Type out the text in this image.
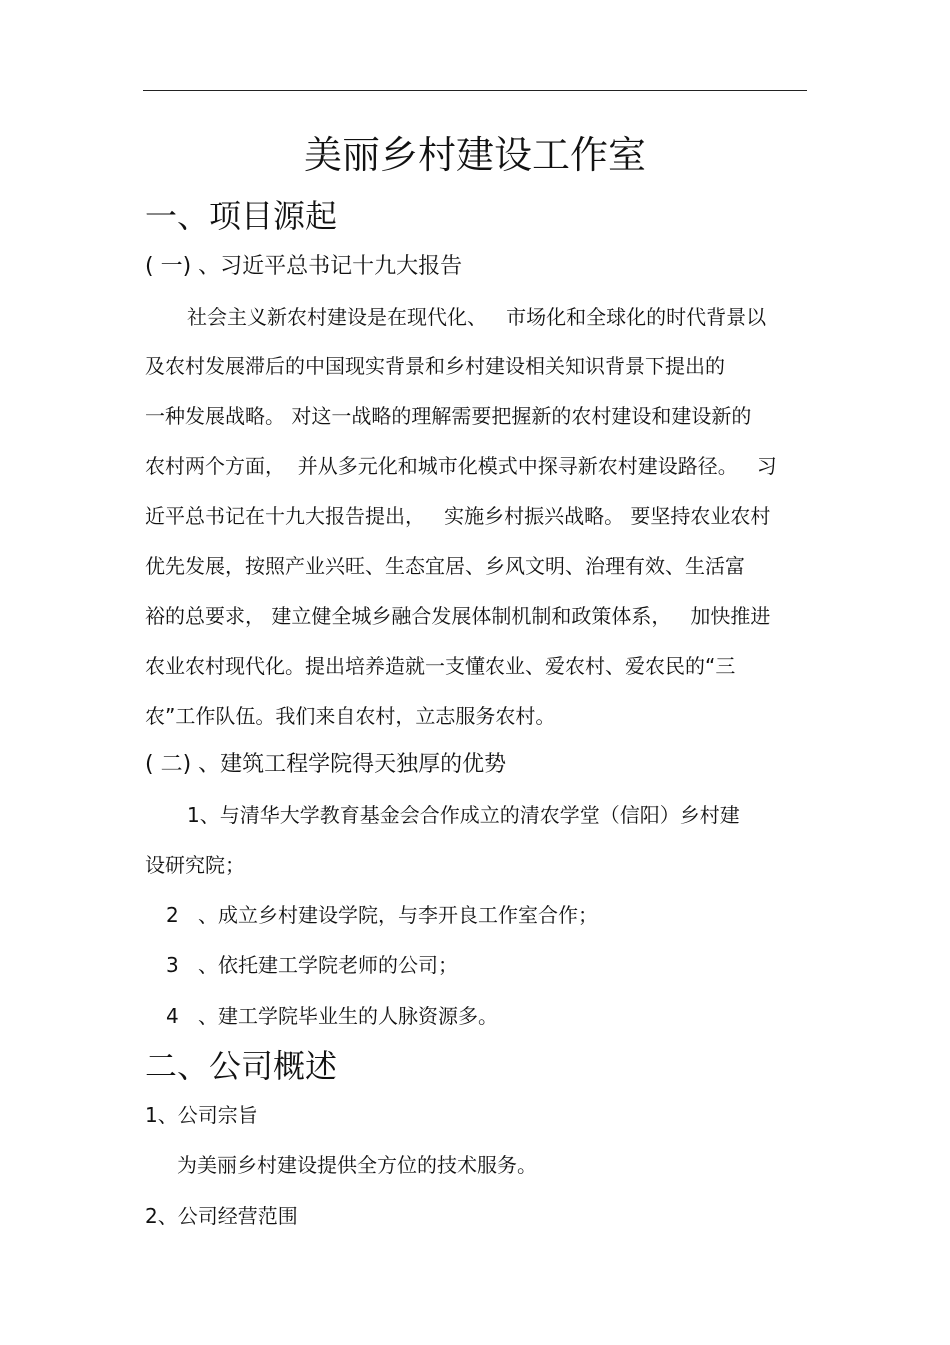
美丽乡村建设工作室
一、项目源起
( 一) 、习近平总书记十九大报告
社会主义新农村建设是在现代化、   市场化和全球化的时代背景以
及农村发展滞后的中国现实背景和乡村建设相关知识背景下提出的
一种发展战略。 对这一战略的理解需要把握新的农村建设和建设新的
农村两个方面，  并从多元化和城市化模式中探寻新农村建设路径。   习
近平总书记在十九大报告提出，   实施乡村振兴战略。 要坚持农业农村
优先发展，按照产业兴旺、生态宜居、乡风文明、治理有效、生活富
裕的总要求， 建立健全城乡融合发展体制机制和政策体系，   加快推进
农业农村现代化。提出培养造就一支懂农业、爱农村、爱农民的“三
农”工作队伍。我们来自农村，立志服务农村。
( 二) 、建筑工程学院得天独厚的优势
1、与清华大学教育基金会合作成立的清农学堂（信阳）乡村建
设研究院；
2 、成立乡村建设学院，与李开良工作室合作；
3 、依托建工学院老师的公司；
4 、建工学院毕业生的人脉资源多。
二、公司概述
1、公司宗旨
为美丽乡村建设提供全方位的技术服务。
2、公司经营范围
